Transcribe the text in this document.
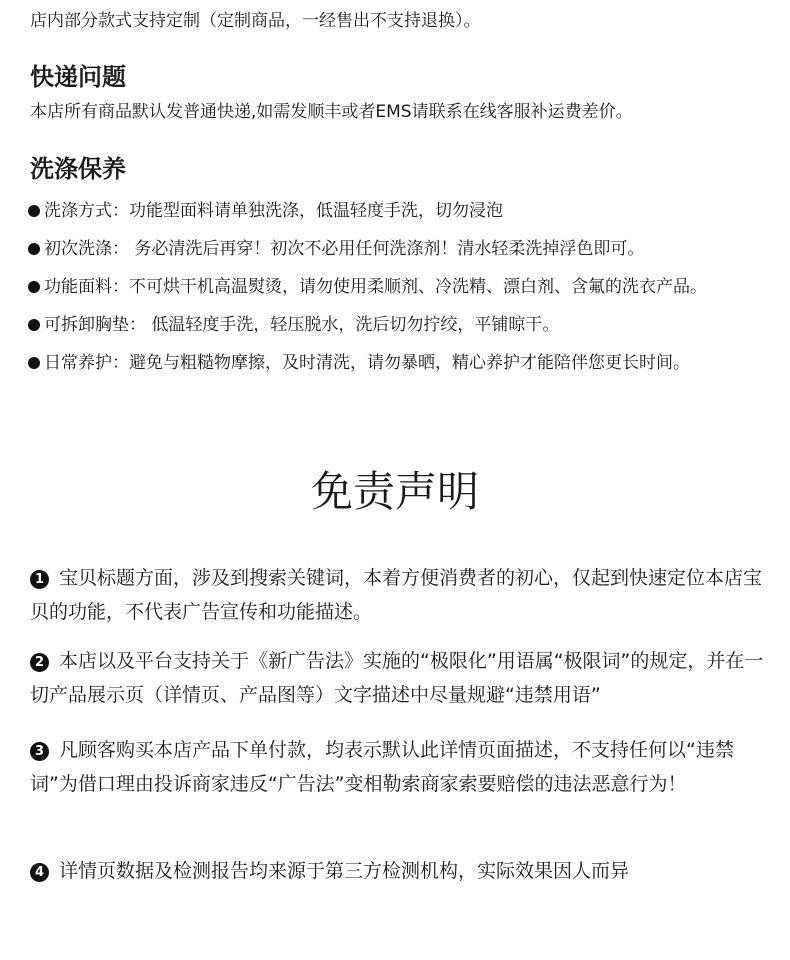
店内部分款式支持定制（定制商品，一经售出不支持退换）。
快递问题
本店所有商品默认发普通快递,如需发顺丰或者EMS请联系在线客服补运费差价。
洗涤保养
洗涤方式：功能型面料请单独洗涤，低温轻度手洗，切勿浸泡
初次洗涤： 务必清洗后再穿！初次不必用任何洗涤剂！清水轻柔洗掉浮色即可。
功能面料：不可烘干机高温熨烫，请勿使用柔顺剂、冷洗精、漂白剂、含氟的洗衣产品。
可拆卸胸垫： 低温轻度手洗，轻压脱水，洗后切勿拧绞，平铺晾干。
日常养护：避免与粗糙物摩擦，及时清洗，请勿暴晒，精心养护才能陪伴您更长时间。
免责声明
1 宝贝标题方面，涉及到搜索关键词，本着方便消费者的初心，仅起到快速定位本店宝贝的功能，不代表广告宣传和功能描述。
2 本店以及平台支持关于《新广告法》实施的“极限化”用语属“极限词”的规定，并在一切产品展示页（详情页、产品图等）文字描述中尽量规避“违禁用语”
3 凡顾客购买本店产品下单付款，均表示默认此详情页面描述，不支持任何以“违禁词”为借口理由投诉商家违反“广告法”变相勒索商家索要赔偿的违法恶意行为！
4 详情页数据及检测报告均来源于第三方检测机构，实际效果因人而异
